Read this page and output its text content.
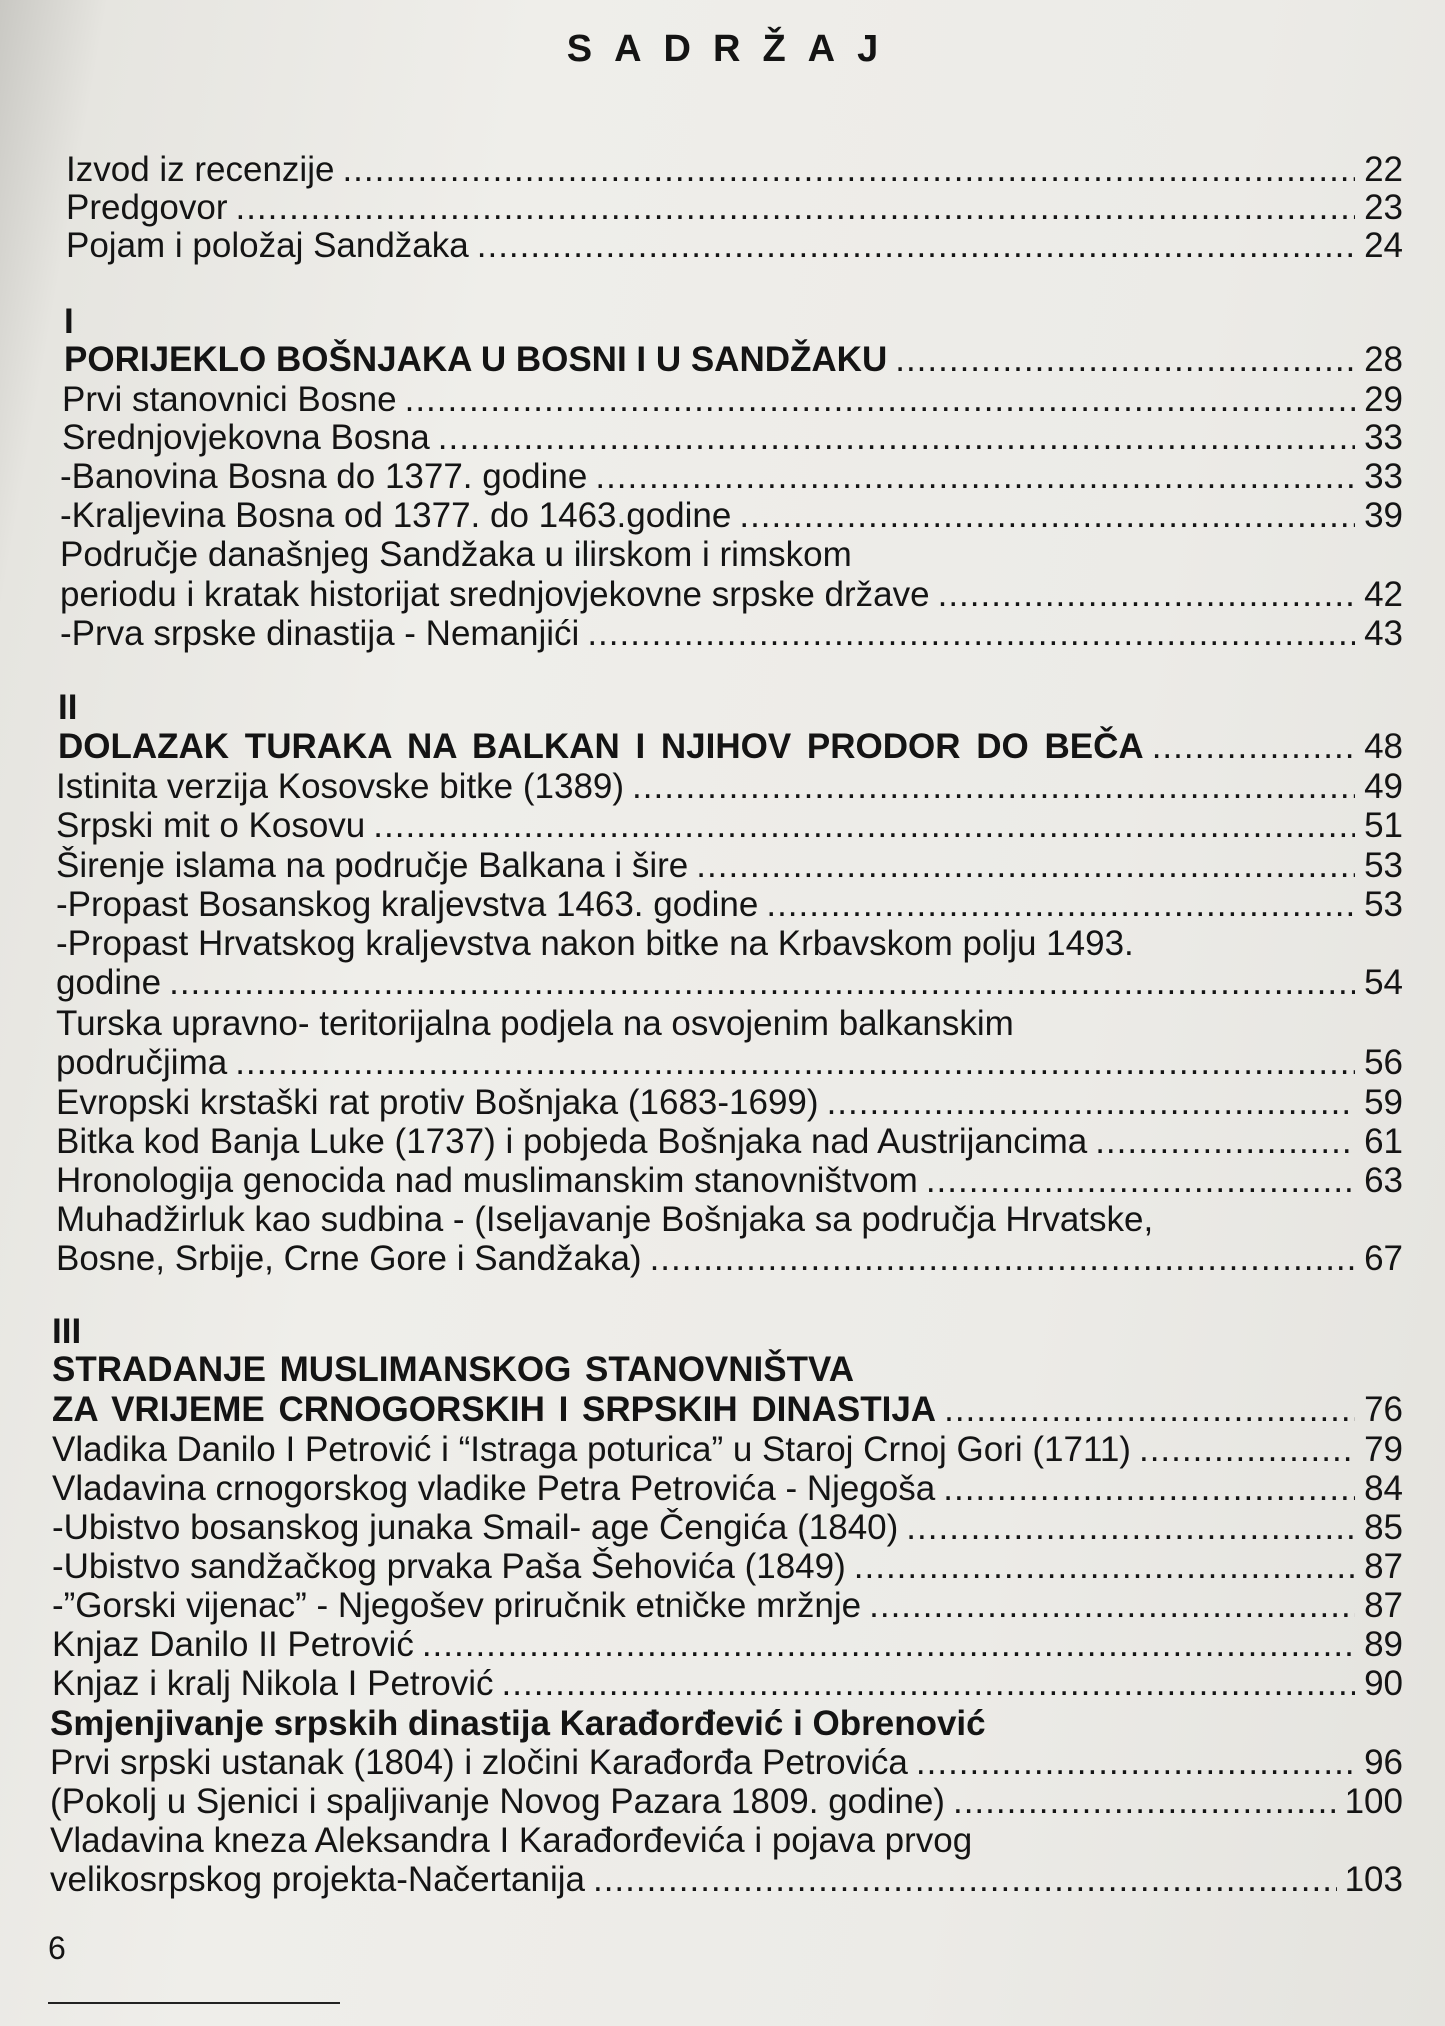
SADRŽAJ
Izvod iz recenzije .....	22
Predgovor .....	23
Pojam i položaj Sandžaka .....	24
I
PORIJEKLO BOŠNJAKA U BOSNI I U SANDŽAKU .....	28
Prvi stanovnici Bosne .....	29
Srednjovjekovna Bosna .....	33
-Banovina Bosna do 1377. godine .....	33
-Kraljevina Bosna od 1377. do 1463.godine .....	39
Područje današnjeg Sandžaka u ilirskom i rimskom
periodu i kratak historijat srednjovjekovne srpske države .....	42
-Prva srpske dinastija - Nemanjići .....	43
II
DOLAZAK TURAKA NA BALKAN I NJIHOV PRODOR DO BEČA .....	48
Istinita verzija Kosovske bitke (1389) .....	49
Srpski mit o Kosovu .....	51
Širenje islama na područje Balkana i šire .....	53
-Propast Bosanskog kraljevstva 1463. godine .....	53
-Propast Hrvatskog kraljevstva nakon bitke na Krbavskom polju 1493.
godine .....	54
Turska upravno- teritorijalna podjela na osvojenim balkanskim
područjima .....	56
Evropski krstaški rat protiv Bošnjaka (1683-1699) .....	59
Bitka kod Banja Luke (1737) i pobjeda Bošnjaka nad Austrijancima .....	61
Hronologija genocida nad muslimanskim stanovništvom .....	63
Muhadžirluk kao sudbina - (Iseljavanje Bošnjaka sa područja Hrvatske,
Bosne, Srbije, Crne Gore i Sandžaka) .....	67
III
STRADANJE MUSLIMANSKOG STANOVNIŠTVA
ZA VRIJEME CRNOGORSKIH I SRPSKIH DINASTIJA .....	76
Vladika Danilo I Petrović i “Istraga poturica” u Staroj Crnoj Gori (1711) .....	79
Vladavina crnogorskog vladike Petra Petrovića - Njegoša .....	84
-Ubistvo bosanskog junaka Smail- age Čengića (1840) .....	85
-Ubistvo sandžačkog prvaka Paša Šehovića (1849) .....	87
-”Gorski vijenac” - Njegošev priručnik etničke mržnje .....	87
Knjaz Danilo II Petrović .....	89
Knjaz i kralj Nikola I Petrović .....	90
Smjenjivanje srpskih dinastija Karađorđević i Obrenović
Prvi srpski ustanak (1804) i zločini Karađorđa Petrovića .....	96
(Pokolj u Sjenici i spaljivanje Novog Pazara 1809. godine) .....	100
Vladavina kneza Aleksandra I Karađorđevića i pojava prvog
velikosrpskog projekta-Načertanija .....	103
6
